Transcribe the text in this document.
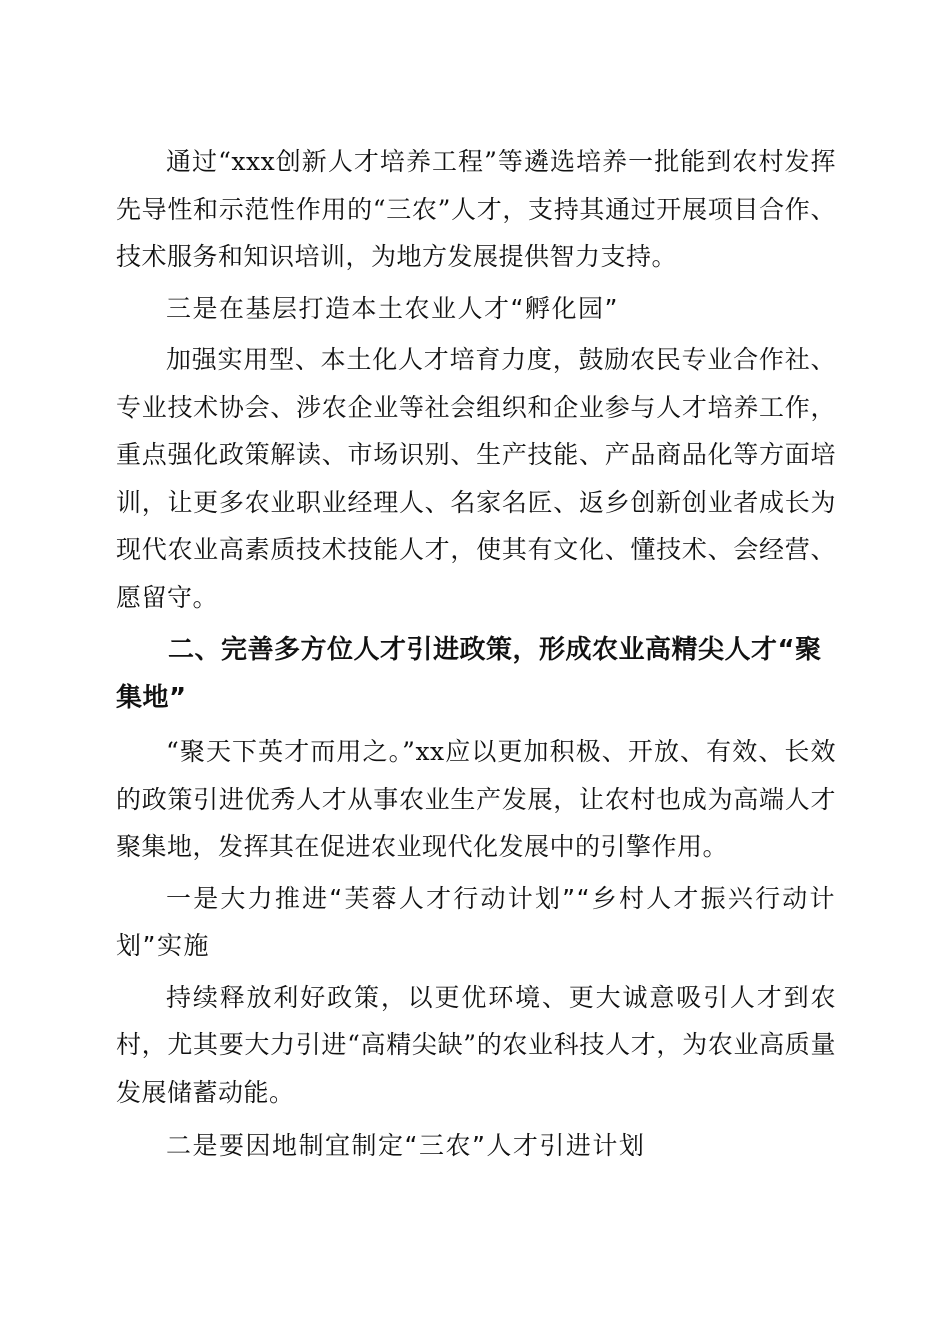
通过“xxx创新人才培养工程”等遴选培养一批能到农村发挥先导性和示范性作用的“三农”人才，支持其通过开展项目合作、技术服务和知识培训，为地方发展提供智力支持。

三是在基层打造本土农业人才“孵化园”

加强实用型、本土化人才培育力度，鼓励农民专业合作社、专业技术协会、涉农企业等社会组织和企业参与人才培养工作，重点强化政策解读、市场识别、生产技能、产品商品化等方面培训，让更多农业职业经理人、名家名匠、返乡创新创业者成长为现代农业高素质技术技能人才，使其有文化、懂技术、会经营、愿留守。

二、完善多方位人才引进政策，形成农业高精尖人才“聚集地”

“聚天下英才而用之。”xx应以更加积极、开放、有效、长效的政策引进优秀人才从事农业生产发展，让农村也成为高端人才聚集地，发挥其在促进农业现代化发展中的引擎作用。

一是大力推进“芙蓉人才行动计划”“乡村人才振兴行动计划”实施

持续释放利好政策，以更优环境、更大诚意吸引人才到农村，尤其要大力引进“高精尖缺”的农业科技人才，为农业高质量发展储蓄动能。

二是要因地制宜制定“三农”人才引进计划
